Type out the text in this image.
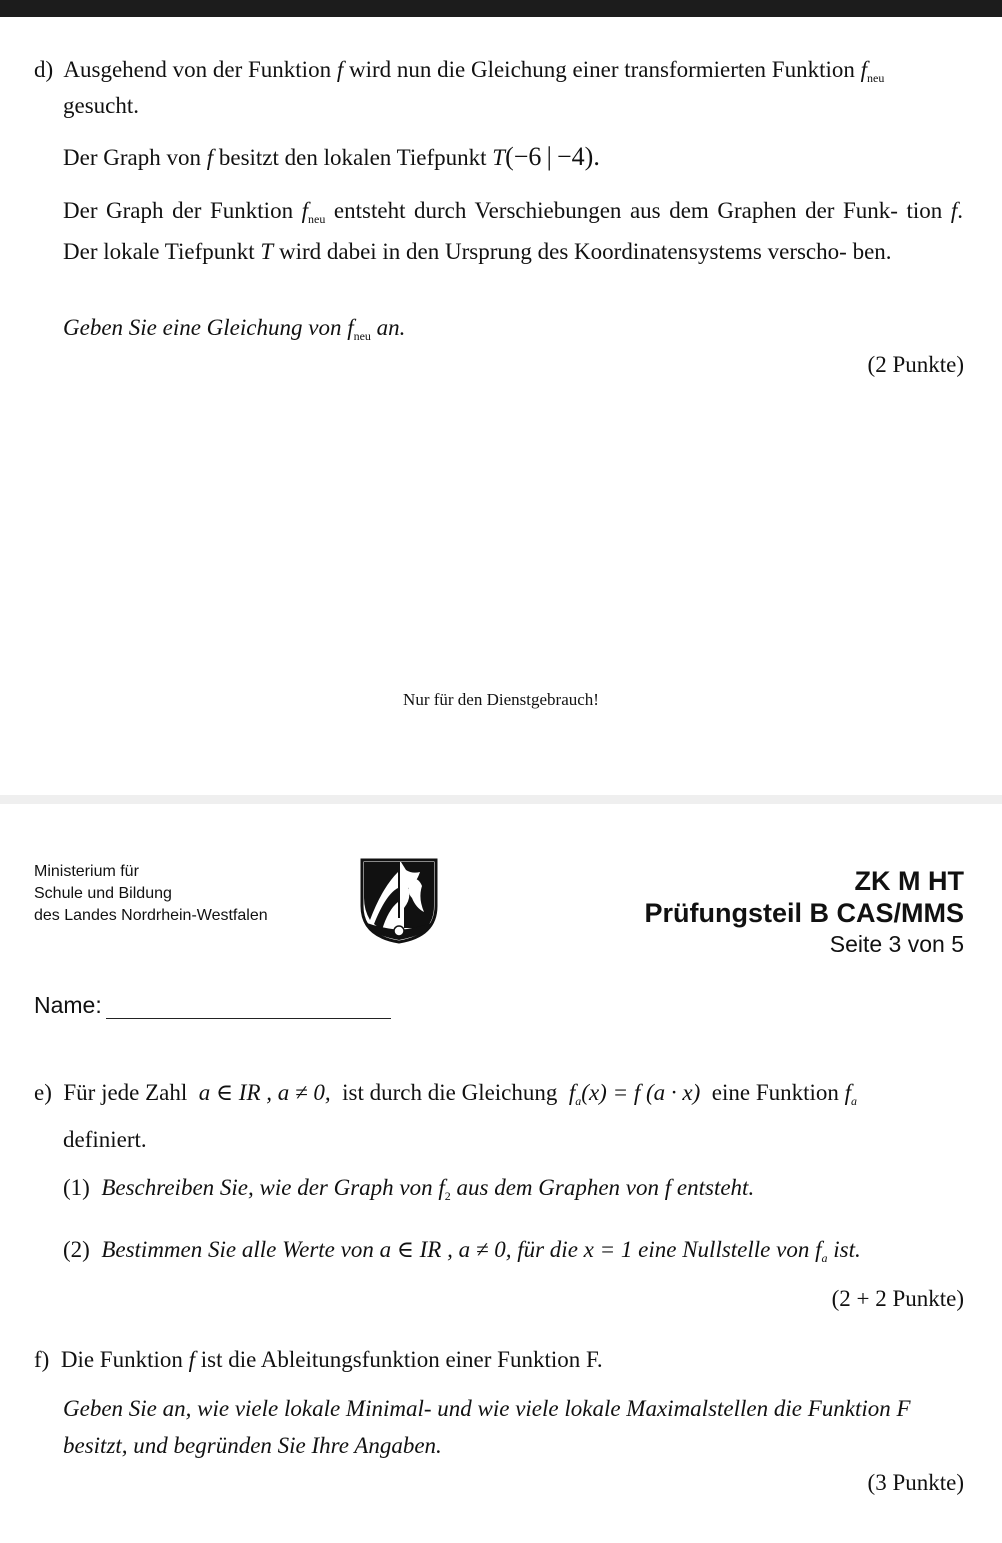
d) Ausgehend von der Funktion f wird nun die Gleichung einer transformierten Funktion $f_{neu}$
gesucht.
Der Graph von f besitzt den lokalen Tiefpunkt T(−6 | −4).
Der Graph der Funktion $f_{neu}$ entsteht durch Verschiebungen aus dem Graphen der Funk- tion f. Der lokale Tiefpunkt T wird dabei in den Ursprung des Koordinatensystems verscho- ben.
Geben Sie eine Gleichung von $f_{neu}$ an.
(2 Punkte)
Nur für den Dienstgebrauch!
Ministerium für
Schule und Bildung
des Landes Nordrhein-Westfalen
ZK M HT
Prüfungsteil B CAS/MMS
Seite 3 von 5
Name:
e) Für jede Zahl a ∈ IR , a ≠ 0, ist durch die Gleichung $f_a(x) = f$ (a · x) eine Funktion $f_a$
definiert.
(1) Beschreiben Sie, wie der Graph von $f_2$ aus dem Graphen von f entsteht.
(2) Bestimmen Sie alle Werte von a ∈ IR , a ≠ 0, für die x = 1 eine Nullstelle von $f_a$ ist.
(2 + 2 Punkte)
f) Die Funktion f ist die Ableitungsfunktion einer Funktion F.
Geben Sie an, wie viele lokale Minimal- und wie viele lokale Maximalstellen die Funktion F
besitzt, und begründen Sie Ihre Angaben.
(3 Punkte)
